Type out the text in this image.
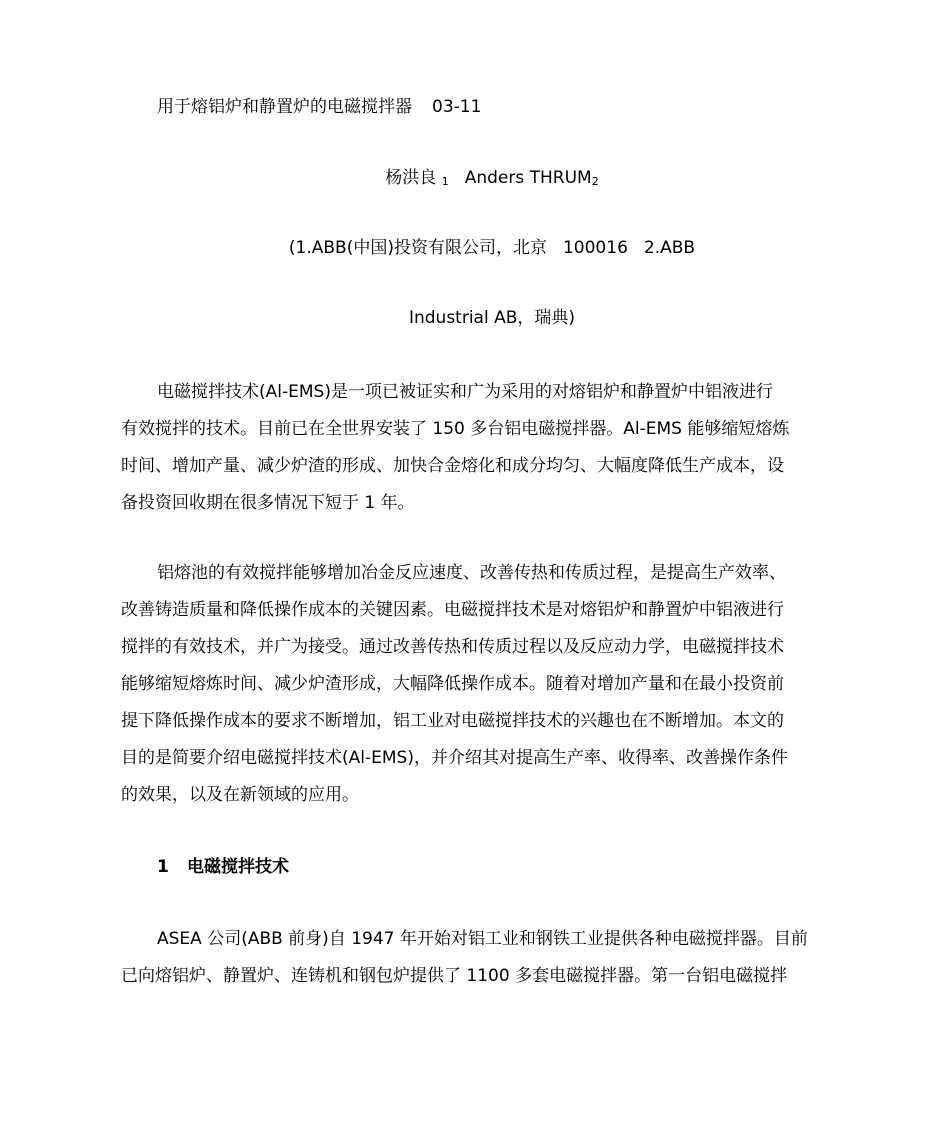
用于熔铝炉和静置炉的电磁搅拌器 03-11
杨洪良 1 Anders THRUM2
(1.ABB(中国)投资有限公司，北京 100016 2.ABB
Industrial AB，瑞典)
电磁搅拌技术(Al-EMS)是一项已被证实和广为采用的对熔铝炉和静置炉中铝液进行
有效搅拌的技术。目前已在全世界安装了 150 多台铝电磁搅拌器。Al-EMS 能够缩短熔炼
时间、增加产量、减少炉渣的形成、加快合金熔化和成分均匀、大幅度降低生产成本，设
备投资回收期在很多情况下短于 1 年。
铝熔池的有效搅拌能够增加冶金反应速度、改善传热和传质过程，是提高生产效率、
改善铸造质量和降低操作成本的关键因素。电磁搅拌技术是对熔铝炉和静置炉中铝液进行
搅拌的有效技术，并广为接受。通过改善传热和传质过程以及反应动力学，电磁搅拌技术
能够缩短熔炼时间、减少炉渣形成，大幅降低操作成本。随着对增加产量和在最小投资前
提下降低操作成本的要求不断增加，铝工业对电磁搅拌技术的兴趣也在不断增加。本文的
目的是简要介绍电磁搅拌技术(Al-EMS)，并介绍其对提高生产率、收得率、改善操作条件
的效果，以及在新领域的应用。
1 电磁搅拌技术
ASEA 公司(ABB 前身)自 1947 年开始对铝工业和钢铁工业提供各种电磁搅拌器。目前
已向熔铝炉、静置炉、连铸机和钢包炉提供了 1100 多套电磁搅拌器。第一台铝电磁搅拌
